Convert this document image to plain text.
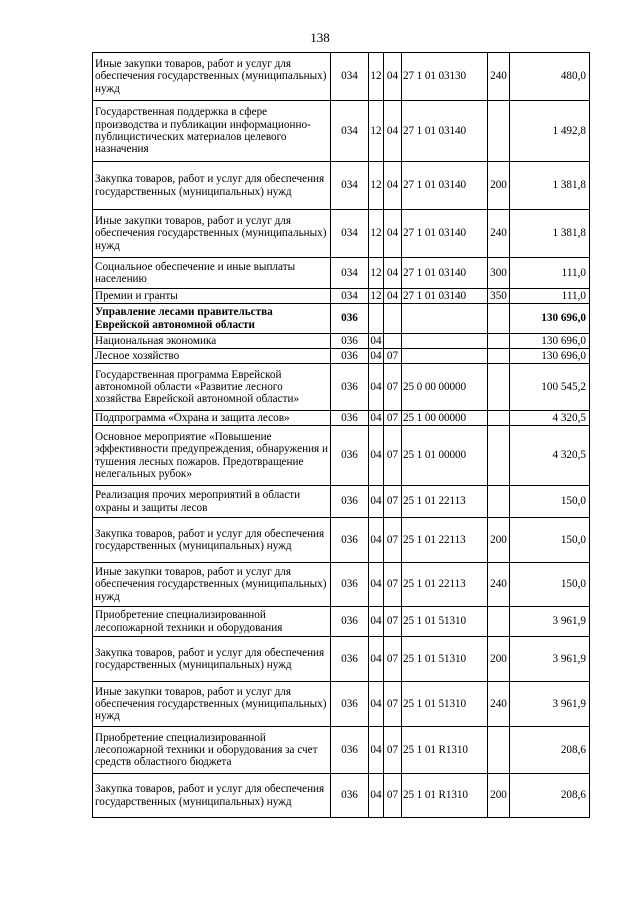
138
Иные закупки товаров, работ и услуг для обеспечения государственных (муниципальных) нужд	034	12	04	27 1 01 03130	240	480,0
Государственная поддержка в сфере производства и публикации информационно-публицистических материалов целевого назначения	034	12	04	27 1 01 03140		1 492,8
Закупка товаров, работ и услуг для обеспечения государственных (муниципальных) нужд	034	12	04	27 1 01 03140	200	1 381,8
Иные закупки товаров, работ и услуг для обеспечения государственных (муниципальных) нужд	034	12	04	27 1 01 03140	240	1 381,8
Социальное обеспечение и иные выплаты населению	034	12	04	27 1 01 03140	300	111,0
Премии и гранты	034	12	04	27 1 01 03140	350	111,0
Управление лесами правительства Еврейской автономной области	036					130 696,0
Национальная экономика	036	04				130 696,0
Лесное хозяйство	036	04	07			130 696,0
Государственная программа Еврейской автономной области «Развитие лесного хозяйства Еврейской автономной области»	036	04	07	25 0 00 00000		100 545,2
Подпрограмма «Охрана и защита лесов»	036	04	07	25 1 00 00000		4 320,5
Основное мероприятие «Повышение эффективности предупреждения, обнаружения и тушения лесных пожаров. Предотвращение нелегальных рубок»	036	04	07	25 1 01 00000		4 320,5
Реализация прочих мероприятий в области охраны и защиты лесов	036	04	07	25 1 01 22113		150,0
Закупка товаров, работ и услуг для обеспечения государственных (муниципальных) нужд	036	04	07	25 1 01 22113	200	150,0
Иные закупки товаров, работ и услуг для обеспечения государственных (муниципальных) нужд	036	04	07	25 1 01 22113	240	150,0
Приобретение специализированной лесопожарной техники и оборудования	036	04	07	25 1 01 51310		3 961,9
Закупка товаров, работ и услуг для обеспечения государственных (муниципальных) нужд	036	04	07	25 1 01 51310	200	3 961,9
Иные закупки товаров, работ и услуг для обеспечения государственных (муниципальных) нужд	036	04	07	25 1 01 51310	240	3 961,9
Приобретение специализированной лесопожарной техники и оборудования за счет средств областного бюджета	036	04	07	25 1 01 R1310		208,6
Закупка товаров, работ и услуг для обеспечения государственных (муниципальных) нужд	036	04	07	25 1 01 R1310	200	208,6
